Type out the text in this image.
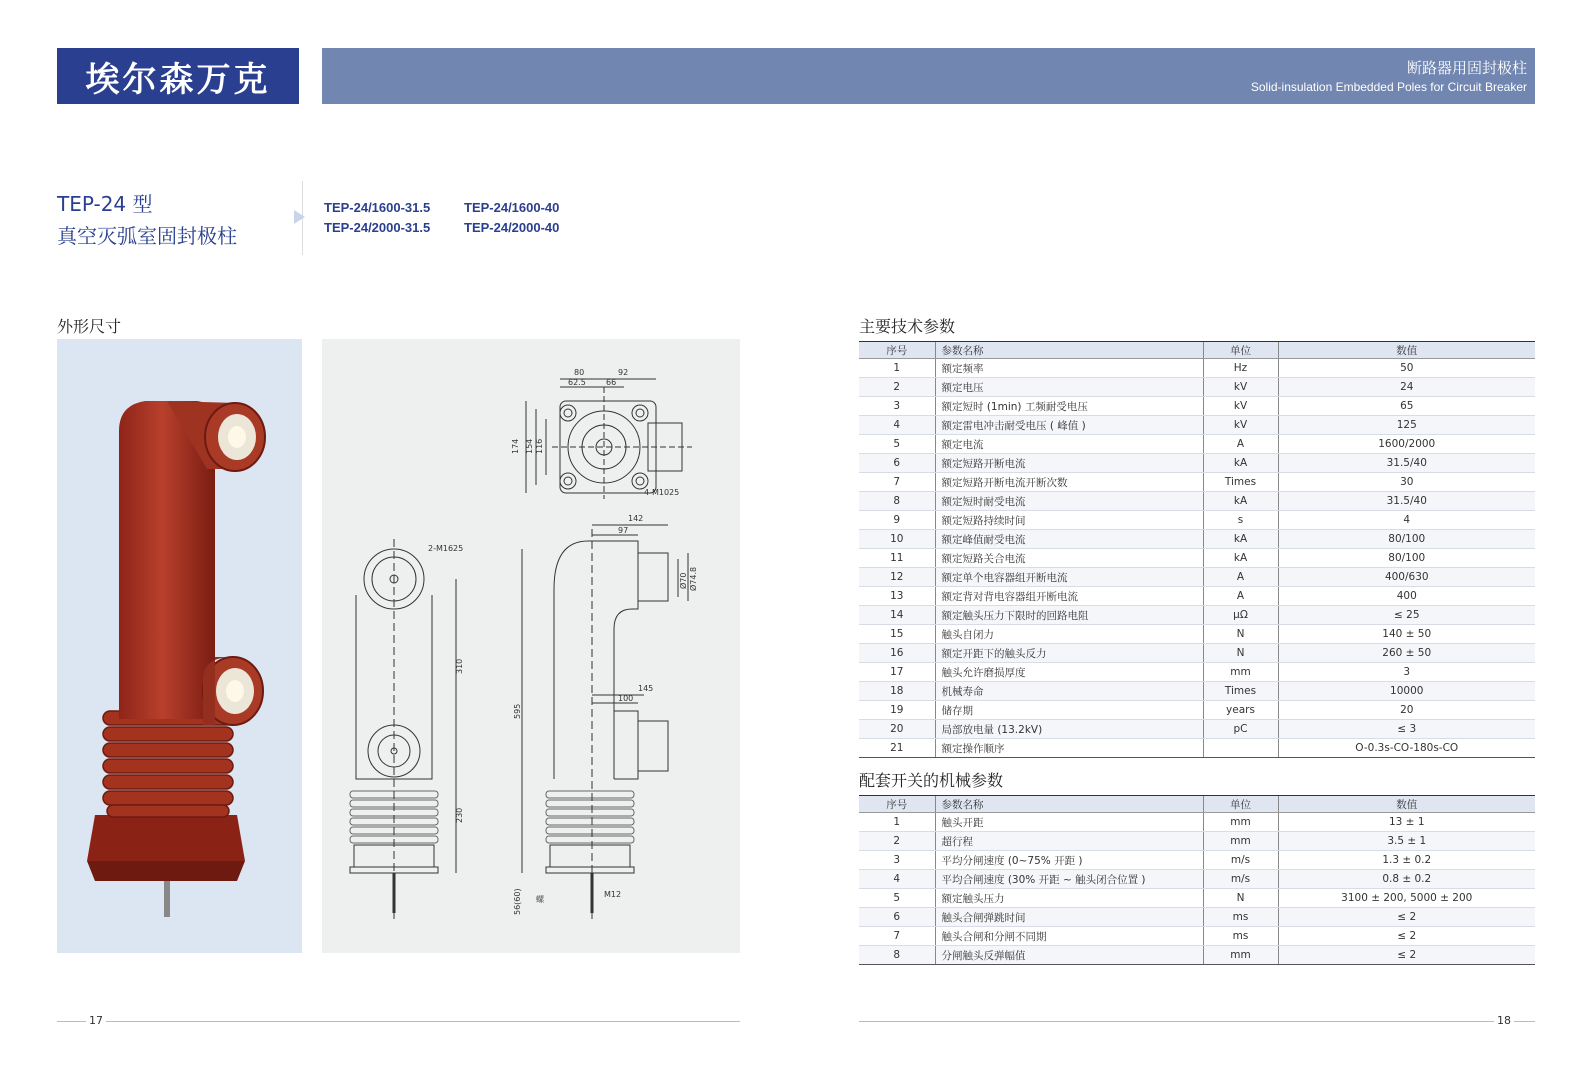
埃尔森万克	断路器用固封极柱
Solid-insulation Embedded Poles for Circuit Breaker
TEP-24 型
真空灭弧室固封极柱
TEP-24/1600-31.5	TEP-24/1600-40
TEP-24/2000-31.5	TEP-24/2000-40
外形尺寸
80	92
62.5	66
174 154 116
4-M1025
2-M1625
310
230
142
97
Ø70 Ø74.8
145
100
595
56(60)	M12
螺
主要技术参数
序号	参数名称	单位	数值
1	额定频率	Hz	50
2	额定电压	kV	24
3	额定短时 (1min) 工频耐受电压	kV	65
4	额定雷电冲击耐受电压 ( 峰值 )	kV	125
5	额定电流	A	1600/2000
6	额定短路开断电流	kA	31.5/40
7	额定短路开断电流开断次数	Times	30
8	额定短时耐受电流	kA	31.5/40
9	额定短路持续时间	s	4
10	额定峰值耐受电流	kA	80/100
11	额定短路关合电流	kA	80/100
12	额定单个电容器组开断电流	A	400/630
13	额定背对背电容器组开断电流	A	400
14	额定触头压力下限时的回路电阻	μΩ	≤ 25
15	触头自闭力	N	140 ± 50
16	额定开距下的触头反力	N	260 ± 50
17	触头允许磨损厚度	mm	3
18	机械寿命	Times	10000
19	储存期	years	20
20	局部放电量 (13.2kV)	pC	≤ 3
21	额定操作顺序		O-0.3s-CO-180s-CO
配套开关的机械参数
序号	参数名称	单位	数值
1	触头开距	mm	13 ± 1
2	超行程	mm	3.5 ± 1
3	平均分闸速度 (0~75% 开距 )	m/s	1.3 ± 0.2
4	平均合闸速度 (30% 开距 ~ 触头闭合位置 )	m/s	0.8 ± 0.2
5	额定触头压力	N	3100 ± 200, 5000 ± 200
6	触头合闸弹跳时间	ms	≤ 2
7	触头合闸和分闸不同期	ms	≤ 2
8	分闸触头反弹幅值	mm	≤ 2
17	18
